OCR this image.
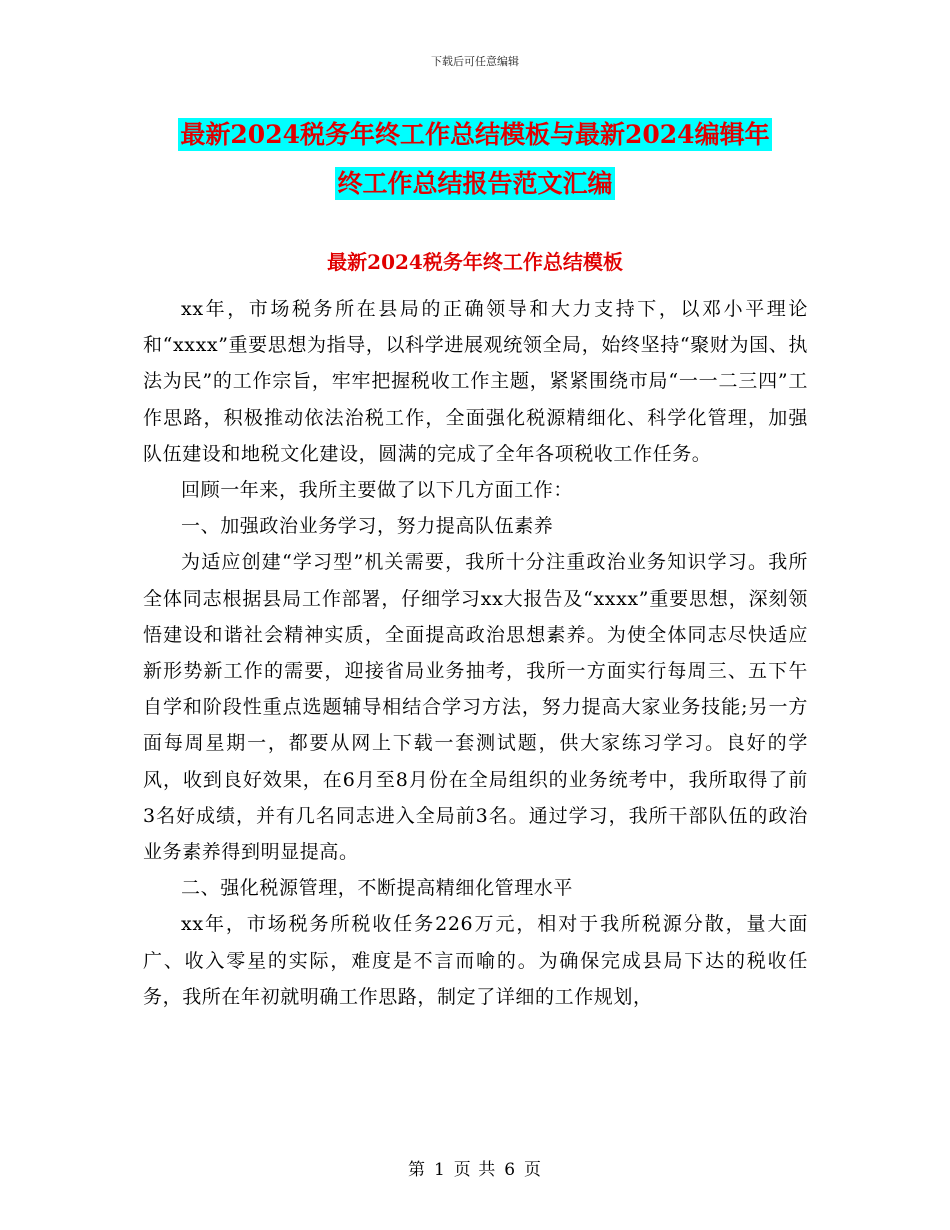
下载后可任意编辑
最新2024税务年终工作总结模板与最新2024编辑年
终工作总结报告范文汇编
最新2024税务年终工作总结模板

xx年，市场税务所在县局的正确领导和大力支持下，以邓小平理论和“xxxx”重要思想为指导，以科学进展观统领全局，始终坚持“聚财为国、执法为民”的工作宗旨，牢牢把握税收工作主题，紧紧围绕市局“一一二三四”工作思路，积极推动依法治税工作，全面强化税源精细化、科学化管理，加强队伍建设和地税文化建设，圆满的完成了全年各项税收工作任务。

回顾一年来，我所主要做了以下几方面工作：

一、加强政治业务学习，努力提高队伍素养

为适应创建“学习型”机关需要，我所十分注重政治业务知识学习。我所全体同志根据县局工作部署，仔细学习xx大报告及“xxxx”重要思想，深刻领悟建设和谐社会精神实质，全面提高政治思想素养。为使全体同志尽快适应新形势新工作的需要，迎接省局业务抽考，我所一方面实行每周三、五下午自学和阶段性重点选题辅导相结合学习方法，努力提高大家业务技能;另一方面每周星期一，都要从网上下载一套测试题，供大家练习学习。良好的学风，收到良好效果，在6月至8月份在全局组织的业务统考中，我所取得了前3名好成绩，并有几名同志进入全局前3名。通过学习，我所干部队伍的政治业务素养得到明显提高。

二、强化税源管理，不断提高精细化管理水平

xx年，市场税务所税收任务226万元，相对于我所税源分散，量大面广、收入零星的实际，难度是不言而喻的。为确保完成县局下达的税收任务，我所在年初就明确工作思路，制定了详细的工作规划，

第 1 页 共 6 页
